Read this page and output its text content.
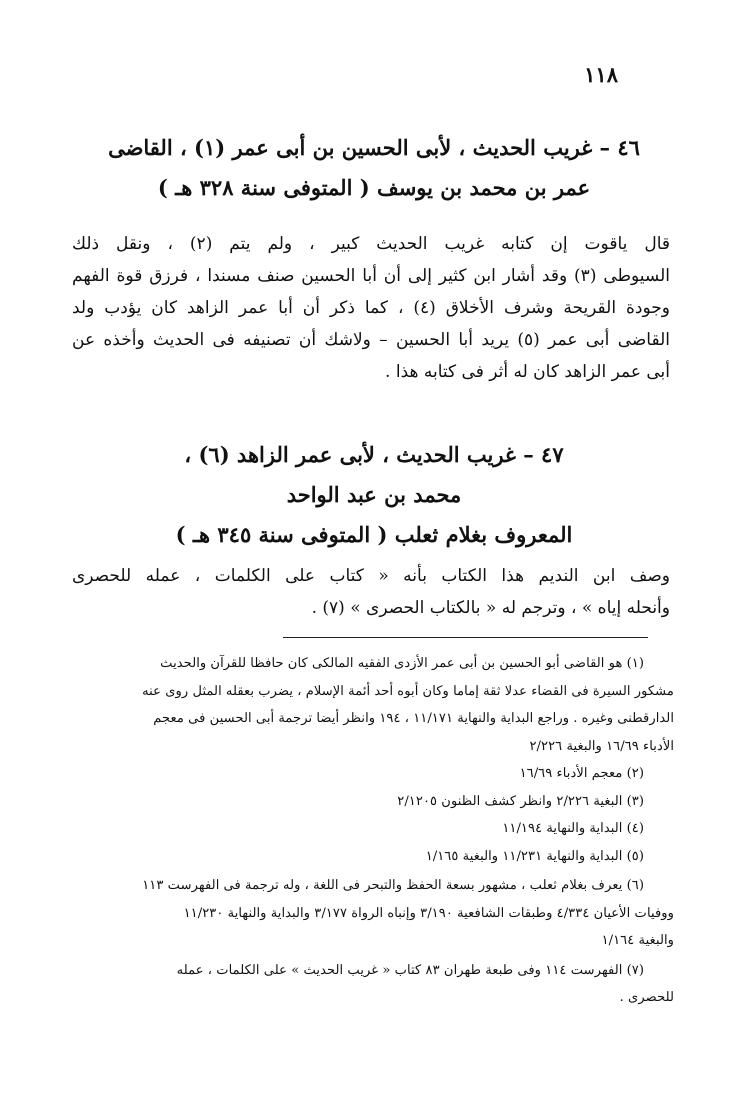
١١٨
٤٦ – غريب الحديث ، لأبى الحسين بن أبى عمر (١) ، القاضى
عمر بن محمد بن يوسف ( المتوفى سنة ٣٢٨ هـ )
قال ياقوت إن كتابه غريب الحديث كبير ، ولم يتم (٢) ، ونقل ذلك
السيوطى (٣) وقد أشار ابن كثير إلى أن أبا الحسين صنف مسندا ، فرزق قوة الفهم
وجودة القريحة وشرف الأخلاق (٤) ، كما ذكر أن أبا عمر الزاهد كان يؤدب ولد
القاضى أبى عمر (٥) يريد أبا الحسين – ولاشك أن تصنيفه فى الحديث وأخذه عن
أبى عمر الزاهد كان له أثر فى كتابه هذا .
٤٧ – غريب الحديث ، لأبى عمر الزاهد (٦) ،
محمد بن عبد الواحد
المعروف بغلام ثعلب ( المتوفى سنة ٣٤٥ هـ )
وصف ابن النديم هذا الكتاب بأنه « كتاب على الكلمات ، عمله للحصرى
وأنحله إياه » ، وترجم له « بالكتاب الحصرى » (٧) .
(١) هو القاضى أبو الحسين بن أبى عمر الأزدى الفقيه المالكى كان حافظا للقرآن والحديث
مشكور السيرة فى القضاء عدلا ثقة إماما وكان أبوه أحد أئمة الإسلام ، يضرب بعقله المثل روى عنه
الدارقطنى وغيره . وراجع البداية والنهاية ١١/١٧١ ، ١٩٤ وانظر أيضا ترجمة أبى الحسين فى معجم
الأدباء ١٦/٦٩ والبغية ٢/٢٢٦
(٢) معجم الأدباء ١٦/٦٩
(٣) البغية ٢/٢٢٦ وانظر كشف الظنون ٢/١٢٠٥
(٤) البداية والنهاية ١١/١٩٤
(٥) البداية والنهاية ١١/٢٣١ والبغية ١/١٦٥
(٦) يعرف بغلام ثعلب ، مشهور بسعة الحفظ والتبحر فى اللغة ، وله ترجمة فى الفهرست ١١٣
ووفيات الأعيان ٤/٣٣٤ وطبقات الشافعية ٣/١٩٠ وإنباه الرواة ٣/١٧٧ والبداية والنهاية ١١/٢٣٠
والبغية ١/١٦٤
(٧) الفهرست ١١٤ وفى طبعة طهران ٨٣ كتاب « غريب الحديث » على الكلمات ، عمله
للحصرى .
